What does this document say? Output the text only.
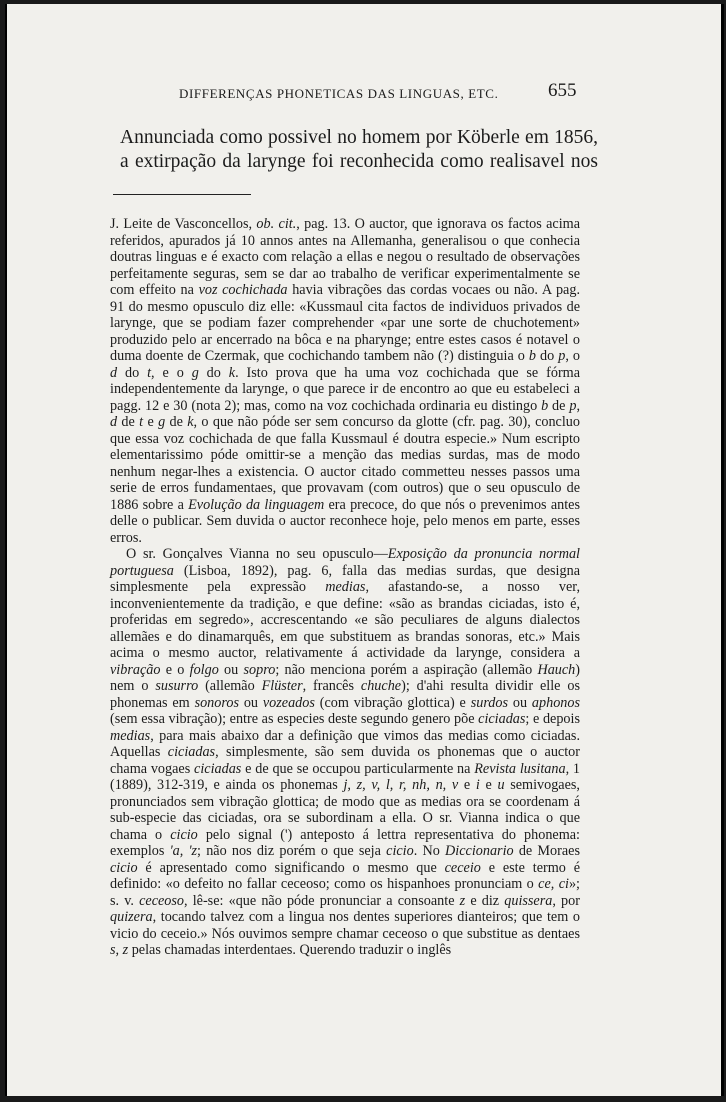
DIFFERENÇAS PHONETICAS DAS LINGUAS, ETC.	655

Annunciada como possivel no homem por Köberle em 1856,

a extirpação da larynge foi reconhecida como realisavel nos

J. Leite de Vasconcellos, ob. cit., pag. 13. O auctor, que ignorava os factos acima referidos, apurados já 10 annos antes na Allemanha, generalisou o que conhecia doutras linguas e é exacto com relação a ellas e negou o resultado de observações perfeitamente seguras, sem se dar ao trabalho de verificar experimentalmente se com effeito na voz cochichada havia vibrações das cordas vocaes ou não. A pag. 91 do mesmo opusculo diz elle: «Kussmaul cita factos de individuos privados de larynge, que se podiam fazer comprehender «par une sorte de chuchotement» produzido pelo ar encerrado na bôca e na pharynge; entre estes casos é notavel o duma doente de Czermak, que cochichando tambem não (?) distinguia o b do p, o d do t, e o g do k. Isto prova que ha uma voz cochichada que se fórma independentemente da larynge, o que parece ir de encontro ao que eu estabeleci a pagg. 12 e 30 (nota 2); mas, como na voz cochichada ordinaria eu distingo b de p, d de t e g de k, o que não póde ser sem concurso da glotte (cfr. pag. 30), concluo que essa voz cochichada de que falla Kussmaul é doutra especie.» Num escripto elementarissimo póde omittir-se a menção das medias surdas, mas de modo nenhum negar-lhes a existencia. O auctor citado commetteu nesses passos uma serie de erros fundamentaes, que provavam (com outros) que o seu opusculo de 1886 sobre a Evolução da linguagem era precoce, do que nós o prevenimos antes delle o publicar. Sem duvida o auctor reconhece hoje, pelo menos em parte, esses erros.

O sr. Gonçalves Vianna no seu opusculo—Exposição da pronuncia normal portuguesa (Lisboa, 1892), pag. 6, falla das medias surdas, que designa simplesmente pela expressão medias, afastando-se, a nosso ver, inconvenientemente da tradição, e que define: «são as brandas ciciadas, isto é, proferidas em segredo», accrescentando «e são peculiares de alguns dialectos allemães e do dinamarquês, em que substituem as brandas sonoras, etc.» Mais acima o mesmo auctor, relativamente á actividade da larynge, considera a vibração e o folgo ou sopro; não menciona porém a aspiração (allemão Hauch) nem o susurro (allemão Flüster, francês chuche); d'ahi resulta dividir elle os phonemas em sonoros ou vozeados (com vibração glottica) e surdos ou aphonos (sem essa vibração); entre as especies deste segundo genero põe ciciadas; e depois medias, para mais abaixo dar a definição que vimos das medias como ciciadas. Aquellas ciciadas, simplesmente, são sem duvida os phonemas que o auctor chama vogaes ciciadas e de que se occupou particularmente na Revista lusitana, 1 (1889), 312-319, e ainda os phonemas j, z, v, l, r, nh, n, v e i e u semivogaes, pronunciados sem vibração glottica; de modo que as medias ora se coordenam á sub-especie das ciciadas, ora se subordinam a ella. O sr. Vianna indica o que chama o cicio pelo signal (') anteposto á lettra representativa do phonema: exemplos 'a, 'z; não nos diz porém o que seja cicio. No Diccionario de Moraes cicio é apresentado como significando o mesmo que ceceio e este termo é definido: «o defeito no fallar ceceoso; como os hispanhoes pronunciam o ce, ci»; s. v. ceceoso, lê-se: «que não póde pronunciar a consoante z e diz quissera, por quizera, tocando talvez com a lingua nos dentes superiores dianteiros; que tem o vicio do ceceio.» Nós ouvimos sempre chamar ceceoso o que substitue as dentaes s, z pelas chamadas interdentaes. Querendo traduzir o inglês
